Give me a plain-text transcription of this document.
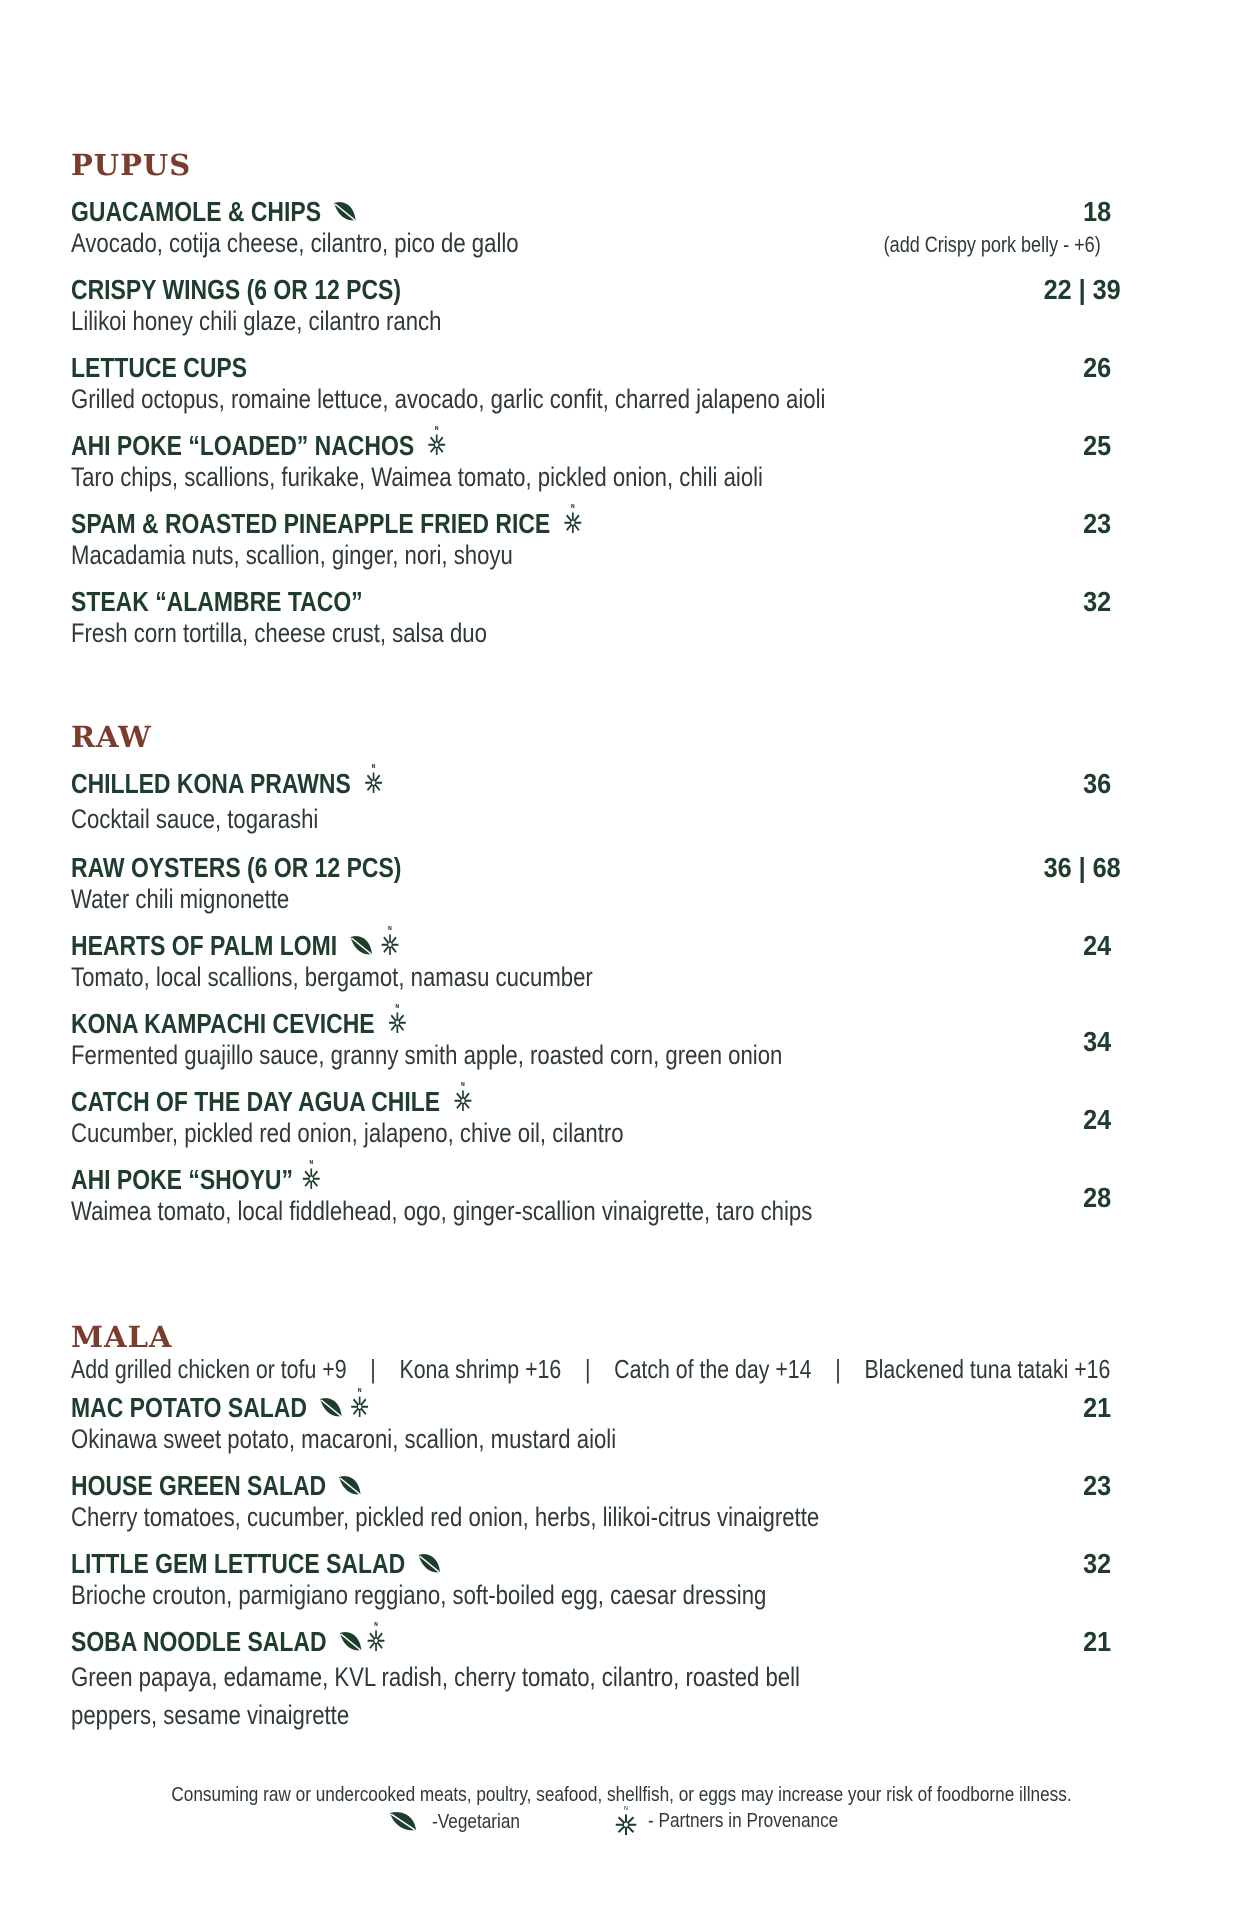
PUPUS
GUACAMOLE & CHIPS
Avocado, cotija cheese, cilantro, pico de gallo
18
(add Crispy pork belly - +6)
CRISPY WINGS (6 OR 12 PCS)
Lilikoi honey chili glaze, cilantro ranch
22 | 39
LETTUCE CUPS
Grilled octopus, romaine lettuce, avocado, garlic confit, charred jalapeno aioli
26
AHI POKE “LOADED” NACHOS
Taro chips, scallions, furikake, Waimea tomato, pickled onion, chili aioli
25
SPAM & ROASTED PINEAPPLE FRIED RICE
Macadamia nuts, scallion, ginger, nori, shoyu
23
STEAK “ALAMBRE TACO”
Fresh corn tortilla, cheese crust, salsa duo
32
RAW
CHILLED KONA PRAWNS
Cocktail sauce, togarashi
36
RAW OYSTERS (6 OR 12 PCS)
Water chili mignonette
36 | 68
HEARTS OF PALM LOMI
Tomato, local scallions, bergamot, namasu cucumber
24
KONA KAMPACHI CEVICHE
Fermented guajillo sauce, granny smith apple, roasted corn, green onion	34
CATCH OF THE DAY AGUA CHILE
Cucumber, pickled red onion, jalapeno, chive oil, cilantro	24
AHI POKE “SHOYU”
Waimea tomato, local fiddlehead, ogo, ginger-scallion vinaigrette, taro chips	28
MALA
Add grilled chicken or tofu +9    |    Kona shrimp +16    |    Catch of the day +14    |    Blackened tuna tataki +16
MAC POTATO SALAD
Okinawa sweet potato, macaroni, scallion, mustard aioli
21
HOUSE GREEN SALAD
Cherry tomatoes, cucumber, pickled red onion, herbs, lilikoi-citrus vinaigrette
23
LITTLE GEM LETTUCE SALAD
Brioche crouton, parmigiano reggiano, soft-boiled egg, caesar dressing
32
SOBA NOODLE SALAD
Green papaya, edamame, KVL radish, cherry tomato, cilantro, roasted bell peppers, sesame vinaigrette
21
Consuming raw or undercooked meats, poultry, seafood, shellfish, or eggs may increase your risk of foodborne illness.
-Vegetarian	- Partners in Provenance
